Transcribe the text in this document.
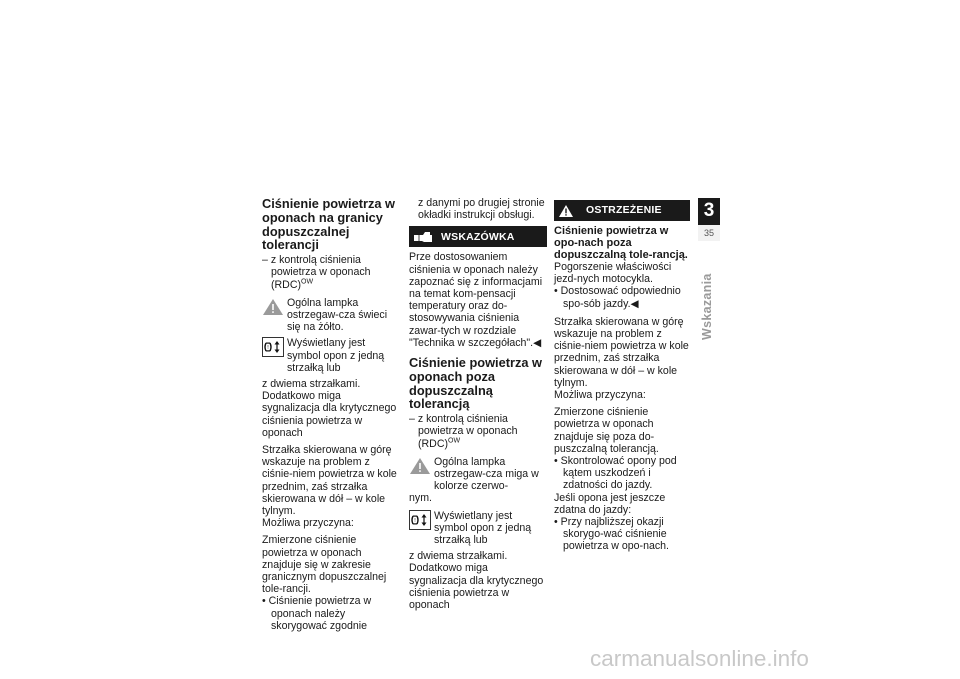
Ciśnienie powietrza w oponach na granicy dopuszczalnej tolerancji

– z kontrolą ciśnienia powietrza w oponach (RDC)$^{OW}$

Ogólna lampka ostrzegaw-cza świeci się na żółto.
! Wyświetlany jest symbol opon z jedną strzałką lub

z dwiema strzałkami. Dodatkowo miga sygnalizacja dla krytycznego ciśnienia powietrza w oponach

Strzałka skierowana w górę wskazuje na problem z ciśnie-niem powietrza w kole przednim, zaś strzałka skierowana w dół – w kole tylnym.

Możliwa przyczyna:

Zmierzone ciśnienie powietrza w oponach znajduje się w zakresie granicznym dopuszczalnej tole-rancji.

• Ciśnienie powietrza w oponach należy skorygować zgodnie

z danymi po drugiej stronie okładki instrukcji obsługi.

WSKAZÓWKA

Prze dostosowaniem ciśnienia w oponach należy zapoznać się z informacjami na temat kom-pensacji temperatury oraz do-stosowywania ciśnienia zawar-tych w rozdziale "Technika w szczegółach".◀

Ciśnienie powietrza w oponach poza dopuszczalną tolerancją

– z kontrolą ciśnienia powietrza w oponach (RDC)$^{OW}$

Ogólna lampka ostrzegaw-cza miga w kolorze czerwo-

nym.

! Wyświetlany jest symbol opon z jedną strzałką lub

z dwiema strzałkami. Dodatkowo miga sygnalizacja dla krytycznego ciśnienia powietrza w oponach

OSTRZEŻENIE
Ciśnienie powietrza w opo-nach poza dopuszczalną tole-rancją.

Pogorszenie właściwości jezd-nych motocykla.

• Dostosować odpowiednio spo-sób jazdy.◀

Strzałka skierowana w górę wskazuje na problem z ciśnie-niem powietrza w kole przednim, zaś strzałka skierowana w dół – w kole tylnym.

Możliwa przyczyna:

Zmierzone ciśnienie powietrza w oponach znajduje się poza do-puszczalną tolerancją.

• Skontrolować opony pod kątem uszkodzeń i zdatności do jazdy.

Jeśli opona jest jeszcze zdatna do jazdy:

• Przy najbliższej okazji skorygo-wać ciśnienie powietrza w opo-nach.

3
35
Wskazania
carmanualsonline.info
